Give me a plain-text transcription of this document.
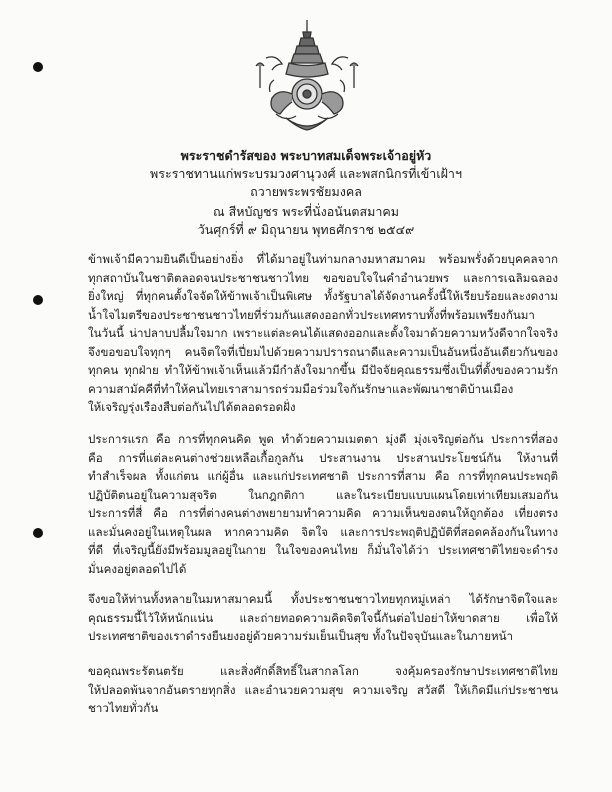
พระราชดำรัสของ พระบาทสมเด็จพระเจ้าอยู่หัว
พระราชทานแก่พระบรมวงศานุวงศ์ และพสกนิกรที่เข้าเฝ้าฯ
ถวายพระพรชัยมงคล
ณ สีหบัญชร พระที่นั่งอนันตสมาคม
วันศุกร์ที่ ๙ มิถุนายน พุทธศักราช ๒๕๔๙
ข้าพเจ้ามีความยินดีเป็นอย่างยิ่ง ที่ได้มาอยู่ในท่ามกลางมหาสมาคม พร้อมพรั่งด้วยบุคคลจาก
ทุกสถาบันในชาติตลอดจนประชาชนชาวไทย ขอขอบใจในคำอำนวยพร และการเฉลิมฉลอง
ยิ่งใหญ่ ที่ทุกคนตั้งใจจัดให้ข้าพเจ้าเป็นพิเศษ ทั้งรัฐบาลได้จัดงานครั้งนี้ให้เรียบร้อยและงดงาม
น้ำใจไมตรีของประชาชนชาวไทยที่ร่วมกันแสดงออกทั่วประเทศทราบทั้งที่พร้อมเพรียงกันมา
ในวันนี้ น่าปลาบปลื้มใจมาก เพราะแต่ละคนได้แสดงออกและตั้งใจมาด้วยความหวังดีจากใจจริง
จึงขอขอบใจทุกๆ คนจิตใจที่เปี่ยมไปด้วยความปรารถนาดีและความเป็นอันหนึ่งอันเดียวกันของ
ทุกคน ทุกฝ่าย ทำให้ข้าพเจ้าเห็นแล้วมีกำลังใจมากขึ้น มีปัจจัยคุณธรรมซึ่งเป็นที่ตั้งของความรัก
ความสามัคคีที่ทำให้คนไทยเราสามารถร่วมมือร่วมใจกันรักษาและพัฒนาชาติบ้านเมือง
ให้เจริญรุ่งเรืองสืบต่อกันไปได้ตลอดรอดฝั่ง
ประการแรก คือ การที่ทุกคนคิด พูด ทำด้วยความเมตตา มุ่งดี มุ่งเจริญต่อกัน ประการที่สอง
คือ การที่แต่ละคนต่างช่วยเหลือเกื้อกูลกัน ประสานงาน ประสานประโยชน์กัน ให้งานที่
ทำสำเร็จผล ทั้งแก่ตน แก่ผู้อื่น และแก่ประเทศชาติ ประการที่สาม คือ การที่ทุกคนประพฤติ
ปฏิบัติตนอยู่ในความสุจริต ในกฎกติกา และในระเบียบแบบแผนโดยเท่าเทียมเสมอกัน
ประการที่สี่ คือ การที่ต่างคนต่างพยายามทำความคิด ความเห็นของตนให้ถูกต้อง เที่ยงตรง
และมั่นคงอยู่ในเหตุในผล หากความคิด จิตใจ และการประพฤติปฏิบัติที่สอดคล้องกันในทาง
ที่ดี ที่เจริญนี้ยังมีพร้อมมูลอยู่ในกาย ในใจของคนไทย ก็มั่นใจได้ว่า ประเทศชาติไทยจะดำรง
มั่นคงอยู่ตลอดไปได้
จึงขอให้ท่านทั้งหลายในมหาสมาคมนี้ ทั้งประชาชนชาวไทยทุกหมู่เหล่า ได้รักษาจิตใจและ
คุณธรรมนี้ไว้ให้หนักแน่น และถ่ายทอดความคิดจิตใจนี้กันต่อไปอย่าให้ขาดสาย เพื่อให้
ประเทศชาติของเราดำรงยืนยงอยู่ด้วยความร่มเย็นเป็นสุข ทั้งในปัจจุบันและในภายหน้า
ขอคุณพระรัตนตรัย และสิ่งศักดิ์สิทธิ์ในสากลโลก จงคุ้มครองรักษาประเทศชาติไทย
ให้ปลอดพ้นจากอันตรายทุกสิ่ง และอำนวยความสุข ความเจริญ สวัสดี ให้เกิดมีแก่ประชาชน
ชาวไทยทั่วกัน
